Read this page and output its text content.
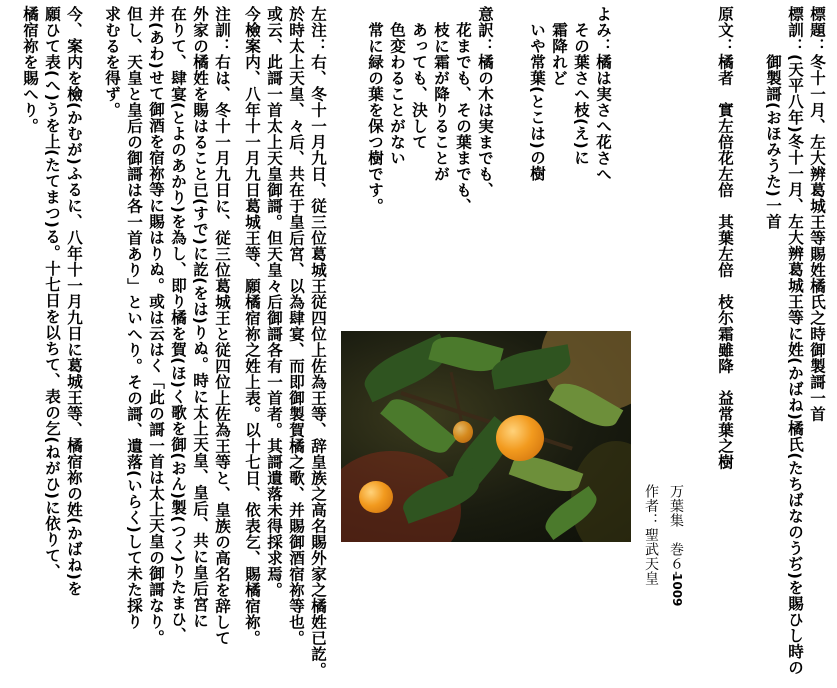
標題：冬十一月、左大辨葛城王等賜姓橘氏之時御製謌一首
標訓：(天平八年)冬十一月、左大辨葛城王等に姓(かばね)橘氏(たちばなのうぢ)を賜ひし時の
　　　御製謌(おほみうた)一首
原文：橘者　實左倍花左倍　其葉左倍　枝尓霜雖降　益常葉之樹
万葉集　巻６-
1009
作者：聖武天皇
よみ：橘は実さへ花さへ
　その葉さへ枝(え)に
　霜降れど
　いや常葉(とこは)の樹
意訳：橘の木は実までも、
　花までも、その葉までも、
　枝に霜が降りることが
　あっても、決して
　色変わることがない
　常に緑の葉を保つ樹です。
左注：右、冬十一月九日、従三位葛城王従四位上佐為王等、辞皇族之高名賜外家之橘姓已訖。
於時太上天皇、々后、共在于皇后宮、以為肆宴、而即御製賀橘之歌、并賜御酒宿祢等也。
或云、此謌一首太上天皇御謌。但天皇々后御謌各有一首者。其謌遺落未得採求焉。
今檢案内、八年十一月九日葛城王等、願橘宿祢之姓上表。以十七日、依表乞、賜橘宿祢。
注訓：右は、冬十一月九日に、従三位葛城王と従四位上佐為王等と、皇族の高名を辞して
外家の橘姓を賜はること已(すで)に訖(をは)りぬ。時に太上天皇、皇后、共に皇后宮に
在りて、肆宴(とよのあかり)を為し、即り橘を賀(ほ)く歌を御(おん)製(つく)りたまひ、
并(あわ)せて御酒を宿祢等に賜はりぬ。或は云はく「此の謌一首は太上天皇の御謌なり。
但し、天皇と皇后の御謌は各一首あり」といへり。その謌、遺落(いらく)して未た採り
求むるを得ず。
今、案内を檢(かむが)ふるに、八年十一月九日に葛城王等、橘宿祢の姓(かばね)を
願ひて表(へ)うを上(たてまつ)る。十七日を以ちて、表の乞(ねがひ)に依りて、
橘宿祢を賜へり。
